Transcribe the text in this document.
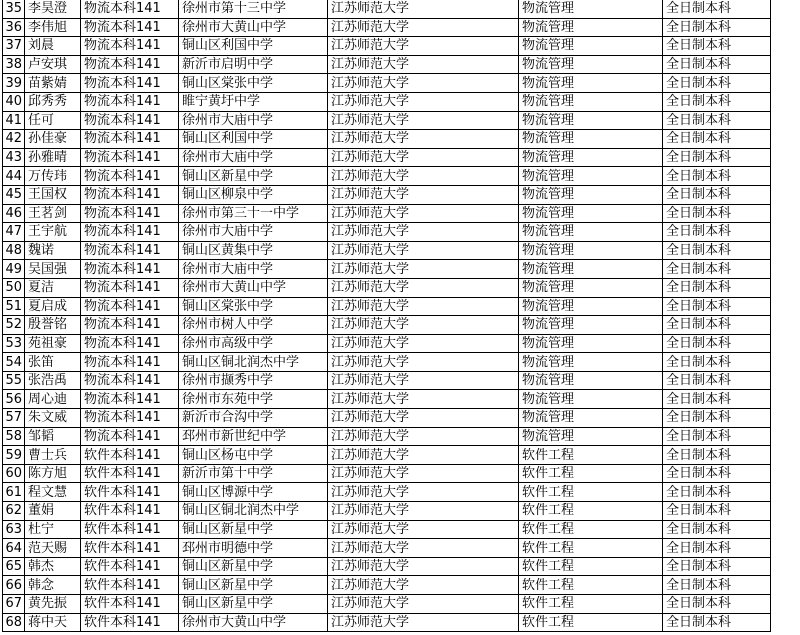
35	李昊澄	物流本科141	徐州市第十三中学	江苏师范大学	物流管理	全日制本科
36	李伟旭	物流本科141	徐州市大黄山中学	江苏师范大学	物流管理	全日制本科
37	刘晨	物流本科141	铜山区利国中学	江苏师范大学	物流管理	全日制本科
38	卢安琪	物流本科141	新沂市启明中学	江苏师范大学	物流管理	全日制本科
39	苗紫婧	物流本科141	铜山区棠张中学	江苏师范大学	物流管理	全日制本科
40	邱秀秀	物流本科141	睢宁黄圩中学	江苏师范大学	物流管理	全日制本科
41	任可	物流本科141	徐州市大庙中学	江苏师范大学	物流管理	全日制本科
42	孙佳豪	物流本科141	铜山区利国中学	江苏师范大学	物流管理	全日制本科
43	孙雅晴	物流本科141	徐州市大庙中学	江苏师范大学	物流管理	全日制本科
44	万传玮	物流本科141	铜山区新星中学	江苏师范大学	物流管理	全日制本科
45	王国权	物流本科141	铜山区柳泉中学	江苏师范大学	物流管理	全日制本科
46	王茗剑	物流本科141	徐州市第三十一中学	江苏师范大学	物流管理	全日制本科
47	王宇航	物流本科141	徐州市大庙中学	江苏师范大学	物流管理	全日制本科
48	魏诺	物流本科141	铜山区黄集中学	江苏师范大学	物流管理	全日制本科
49	吴国强	物流本科141	徐州市大庙中学	江苏师范大学	物流管理	全日制本科
50	夏洁	物流本科141	徐州市大黄山中学	江苏师范大学	物流管理	全日制本科
51	夏启成	物流本科141	铜山区棠张中学	江苏师范大学	物流管理	全日制本科
52	殷誉铭	物流本科141	徐州市树人中学	江苏师范大学	物流管理	全日制本科
53	苑祖豪	物流本科141	徐州市高级中学	江苏师范大学	物流管理	全日制本科
54	张笛	物流本科141	铜山区铜北润杰中学	江苏师范大学	物流管理	全日制本科
55	张浩禹	物流本科141	徐州市撷秀中学	江苏师范大学	物流管理	全日制本科
56	周心迪	物流本科141	徐州市东苑中学	江苏师范大学	物流管理	全日制本科
57	朱文威	物流本科141	新沂市合沟中学	江苏师范大学	物流管理	全日制本科
58	邹韬	物流本科141	邳州市新世纪中学	江苏师范大学	物流管理	全日制本科
59	曹士兵	软件本科141	铜山区杨屯中学	江苏师范大学	软件工程	全日制本科
60	陈方旭	软件本科141	新沂市第十中学	江苏师范大学	软件工程	全日制本科
61	程文慧	软件本科141	铜山区博源中学	江苏师范大学	软件工程	全日制本科
62	董娟	软件本科141	铜山区铜北润杰中学	江苏师范大学	软件工程	全日制本科
63	杜宁	软件本科141	铜山区新星中学	江苏师范大学	软件工程	全日制本科
64	范天赐	软件本科141	邳州市明德中学	江苏师范大学	软件工程	全日制本科
65	韩杰	软件本科141	铜山区新星中学	江苏师范大学	软件工程	全日制本科
66	韩念	软件本科141	铜山区新星中学	江苏师范大学	软件工程	全日制本科
67	黄先振	软件本科141	铜山区新星中学	江苏师范大学	软件工程	全日制本科
68	蒋中天	软件本科141	徐州市大黄山中学	江苏师范大学	软件工程	全日制本科
